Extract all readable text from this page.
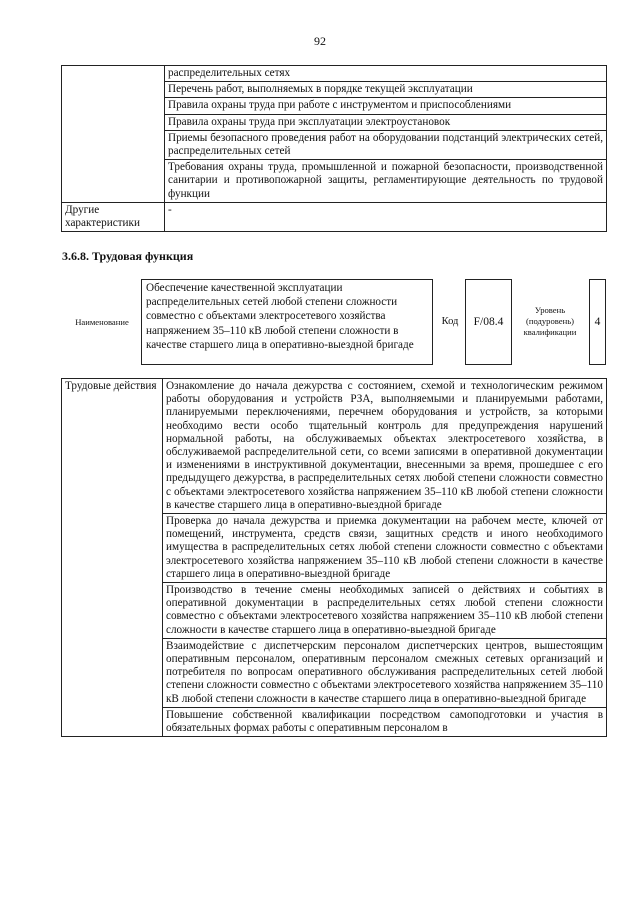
92
	распределительных сетях
	Перечень работ, выполняемых в порядке текущей эксплуатации
	Правила охраны труда при работе с инструментом и приспособлениями
	Правила охраны труда при эксплуатации электроустановок
	Приемы безопасного проведения работ на оборудовании подстанций электрических сетей, распределительных сетей
	Требования охраны труда, промышленной и пожарной безопасности, производственной санитарии и противопожарной защиты, регламентирующие деятельность по трудовой функции
Другие характеристики	-
3.6.8. Трудовая функция
Наименование
Обеспечение качественной эксплуатации распределительных сетей любой степени сложности совместно с объектами электросетевого хозяйства напряжением 35–110 кВ любой степени сложности в качестве старшего лица в оперативно-выездной бригаде
Код	F/08.4
Уровень (подуровень) квалификации
4
Трудовые действия	Ознакомление до начала дежурства с состоянием, схемой и технологическим режимом работы оборудования и устройств РЗА, выполняемыми и планируемыми работами, планируемыми переключениями, перечнем оборудования и устройств, за которыми необходимо вести особо тщательный контроль для предупреждения нарушений нормальной работы, на обслуживаемых объектах электросетевого хозяйства, в обслуживаемой распределительной сети, со всеми записями в оперативной документации и изменениями в инструктивной документации, внесенными за время, прошедшее с его предыдущего дежурства, в распределительных сетях любой степени сложности совместно с объектами электросетевого хозяйства напряжением 35–110 кВ любой степени сложности в качестве старшего лица в оперативно-выездной бригаде
Проверка до начала дежурства и приемка документации на рабочем месте, ключей от помещений, инструмента, средств связи, защитных средств и иного необходимого имущества в распределительных сетях любой степени сложности совместно с объектами электросетевого хозяйства напряжением 35–110 кВ любой степени сложности в качестве старшего лица в оперативно-выездной бригаде
Производство в течение смены необходимых записей о действиях и событиях в оперативной документации в распределительных сетях любой степени сложности совместно с объектами электросетевого хозяйства напряжением 35–110 кВ любой степени сложности в качестве старшего лица в оперативно-выездной бригаде
Взаимодействие с диспетчерским персоналом диспетчерских центров, вышестоящим оперативным персоналом, оперативным персоналом смежных сетевых организаций и потребителя по вопросам оперативного обслуживания распределительных сетей любой степени сложности совместно с объектами электросетевого хозяйства напряжением 35–110 кВ любой степени сложности в качестве старшего лица в оперативно-выездной бригаде
Повышение собственной квалификации посредством самоподготовки и участия в обязательных формах работы с оперативным персоналом в
